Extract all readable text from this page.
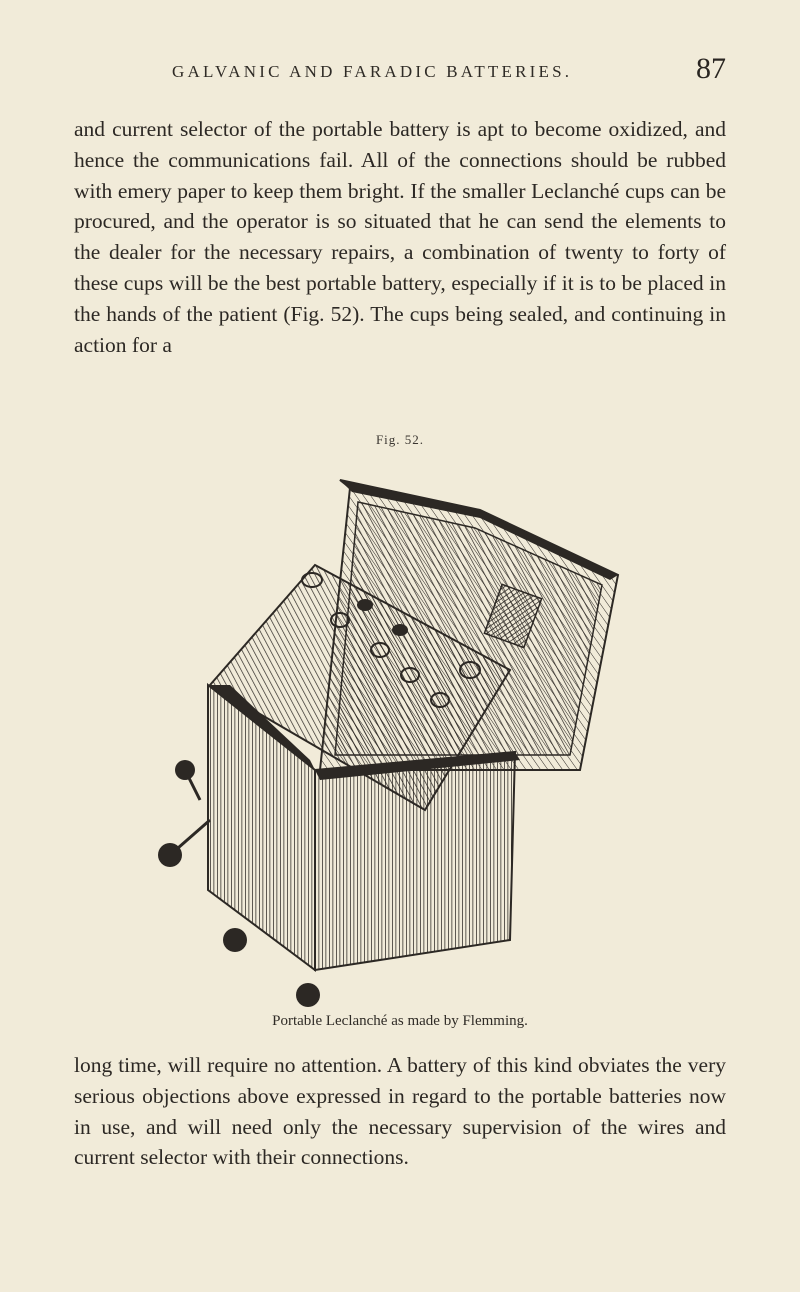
GALVANIC AND FARADIC BATTERIES.	87

and current selector of the portable battery is apt to become oxidized, and hence the communications fail. All of the connections should be rubbed with emery paper to keep them bright. If the smaller Leclanché cups can be procured, and the operator is so situated that he can send the elements to the dealer for the necessary repairs, a combination of twenty to forty of these cups will be the best portable battery, especially if it is to be placed in the hands of the patient (Fig. 52). The cups being sealed, and continuing in action for a

Fig. 52.
Portable Leclanché as made by Flemming.

long time, will require no attention. A battery of this kind obviates the very serious objections above expressed in regard to the portable batteries now in use, and will need only the necessary supervision of the wires and current selector with their connections.
